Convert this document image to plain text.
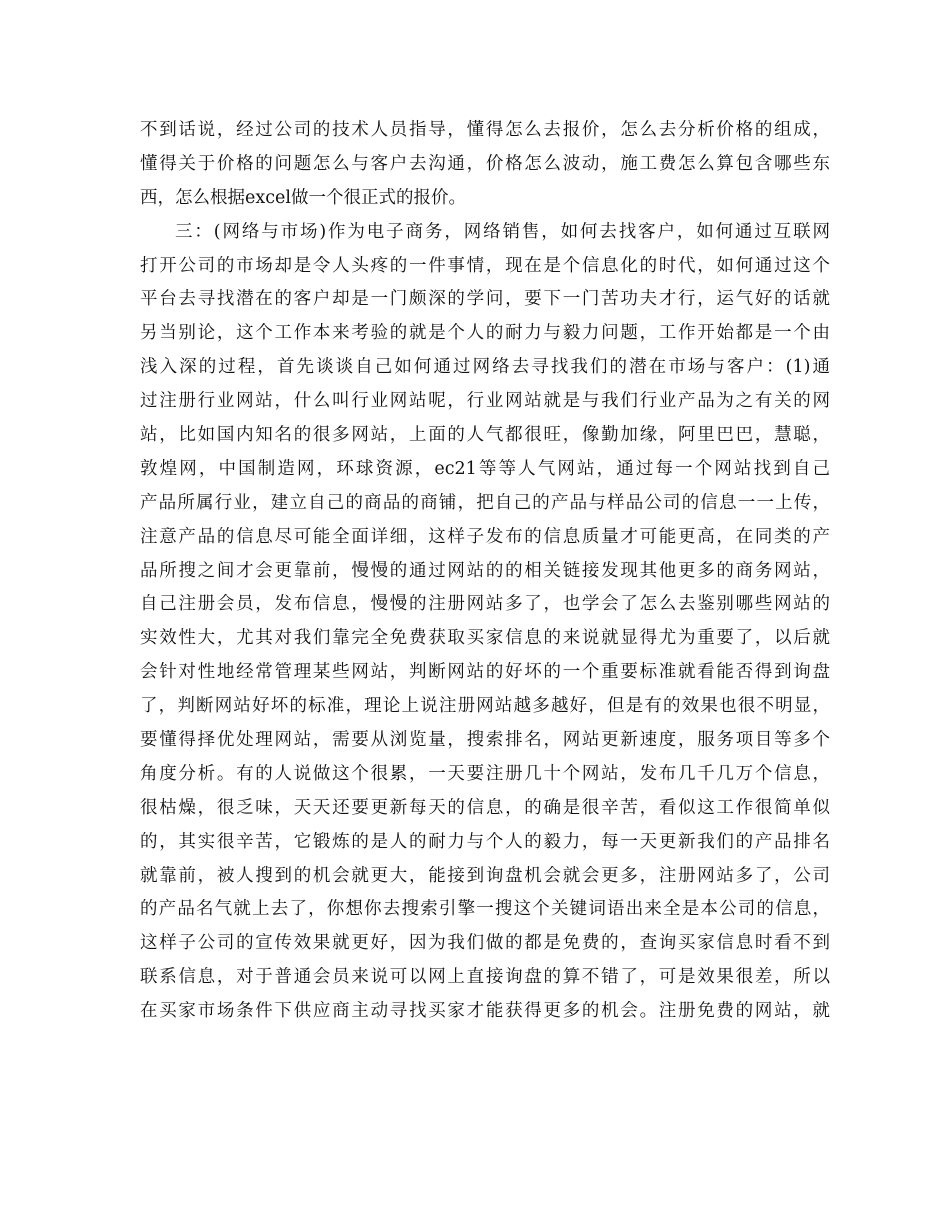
不到话说，经过公司的技术人员指导，懂得怎么去报价，怎么去分析价格的组成，
懂得关于价格的问题怎么与客户去沟通，价格怎么波动，施工费怎么算包含哪些东
西，怎么根据excel做一个很正式的报价。
三：(网络与市场)作为电子商务，网络销售，如何去找客户，如何通过互联网
打开公司的市场却是令人头疼的一件事情，现在是个信息化的时代，如何通过这个
平台去寻找潜在的客户却是一门颇深的学问，要下一门苦功夫才行，运气好的话就
另当别论，这个工作本来考验的就是个人的耐力与毅力问题，工作开始都是一个由
浅入深的过程，首先谈谈自己如何通过网络去寻找我们的潜在市场与客户：(1)通
过注册行业网站，什么叫行业网站呢，行业网站就是与我们行业产品为之有关的网
站，比如国内知名的很多网站，上面的人气都很旺，像勤加缘，阿里巴巴，慧聪，
敦煌网，中国制造网，环球资源，ec21等等人气网站，通过每一个网站找到自己
产品所属行业，建立自己的商品的商铺，把自己的产品与样品公司的信息一一上传，
注意产品的信息尽可能全面详细，这样子发布的信息质量才可能更高，在同类的产
品所搜之间才会更靠前，慢慢的通过网站的的相关链接发现其他更多的商务网站，
自己注册会员，发布信息，慢慢的注册网站多了，也学会了怎么去鉴别哪些网站的
实效性大，尤其对我们靠完全免费获取买家信息的来说就显得尤为重要了，以后就
会针对性地经常管理某些网站，判断网站的好坏的一个重要标准就看能否得到询盘
了，判断网站好坏的标准，理论上说注册网站越多越好，但是有的效果也很不明显，
要懂得择优处理网站，需要从浏览量，搜索排名，网站更新速度，服务项目等多个
角度分析。有的人说做这个很累，一天要注册几十个网站，发布几千几万个信息，
很枯燥，很乏味，天天还要更新每天的信息，的确是很辛苦，看似这工作很简单似
的，其实很辛苦，它锻炼的是人的耐力与个人的毅力，每一天更新我们的产品排名
就靠前，被人搜到的机会就更大，能接到询盘机会就会更多，注册网站多了，公司
的产品名气就上去了，你想你去搜索引擎一搜这个关键词语出来全是本公司的信息，
这样子公司的宣传效果就更好，因为我们做的都是免费的，查询买家信息时看不到
联系信息，对于普通会员来说可以网上直接询盘的算不错了，可是效果很差，所以
在买家市场条件下供应商主动寻找买家才能获得更多的机会。注册免费的网站，就
